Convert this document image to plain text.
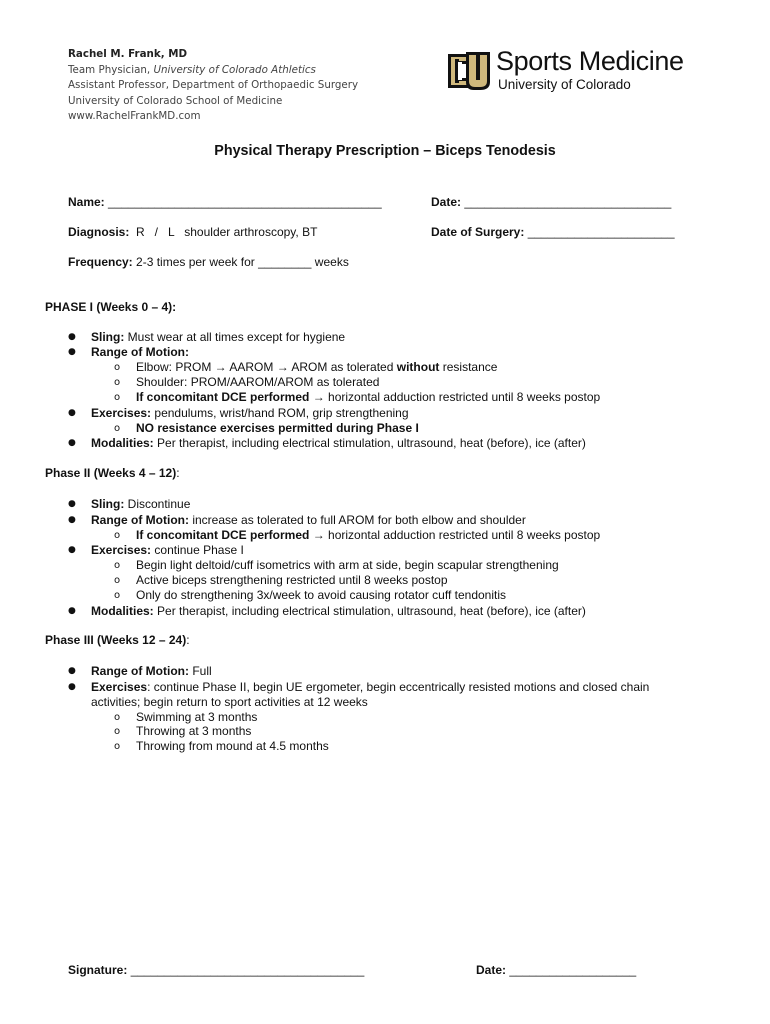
Rachel M. Frank, MD
Team Physician, University of Colorado Athletics
Assistant Professor, Department of Orthopaedic Surgery
University of Colorado School of Medicine
www.RachelFrankMD.com
Sports Medicine
University of Colorado
Physical Therapy Prescription – Biceps Tenodesis
Name: _________________________________________	Date: _______________________________
Diagnosis: R   /   L   shoulder arthroscopy, BT	Date of Surgery: ______________________
Frequency: 2-3 times per week for ________ weeks
PHASE I (Weeks 0 – 4):
● Sling: Must wear at all times except for hygiene
● Range of Motion:
o Elbow: PROM → AAROM → AROM as tolerated without resistance
o Shoulder: PROM/AAROM/AROM as tolerated
o If concomitant DCE performed → horizontal adduction restricted until 8 weeks postop
● Exercises: pendulums, wrist/hand ROM, grip strengthening
o NO resistance exercises permitted during Phase I
● Modalities: Per therapist, including electrical stimulation, ultrasound, heat (before), ice (after)
Phase II (Weeks 4 – 12):
● Sling: Discontinue
● Range of Motion: increase as tolerated to full AROM for both elbow and shoulder
o If concomitant DCE performed → horizontal adduction restricted until 8 weeks postop
● Exercises: continue Phase I
o Begin light deltoid/cuff isometrics with arm at side, begin scapular strengthening
o Active biceps strengthening restricted until 8 weeks postop
o Only do strengthening 3x/week to avoid causing rotator cuff tendonitis
● Modalities: Per therapist, including electrical stimulation, ultrasound, heat (before), ice (after)
Phase III (Weeks 12 – 24):
● Range of Motion: Full
● Exercises: continue Phase II, begin UE ergometer, begin eccentrically resisted motions and closed chain
activities; begin return to sport activities at 12 weeks
o Swimming at 3 months
o Throwing at 3 months
o Throwing from mound at 4.5 months
Signature: ___________________________________	Date: ___________________
